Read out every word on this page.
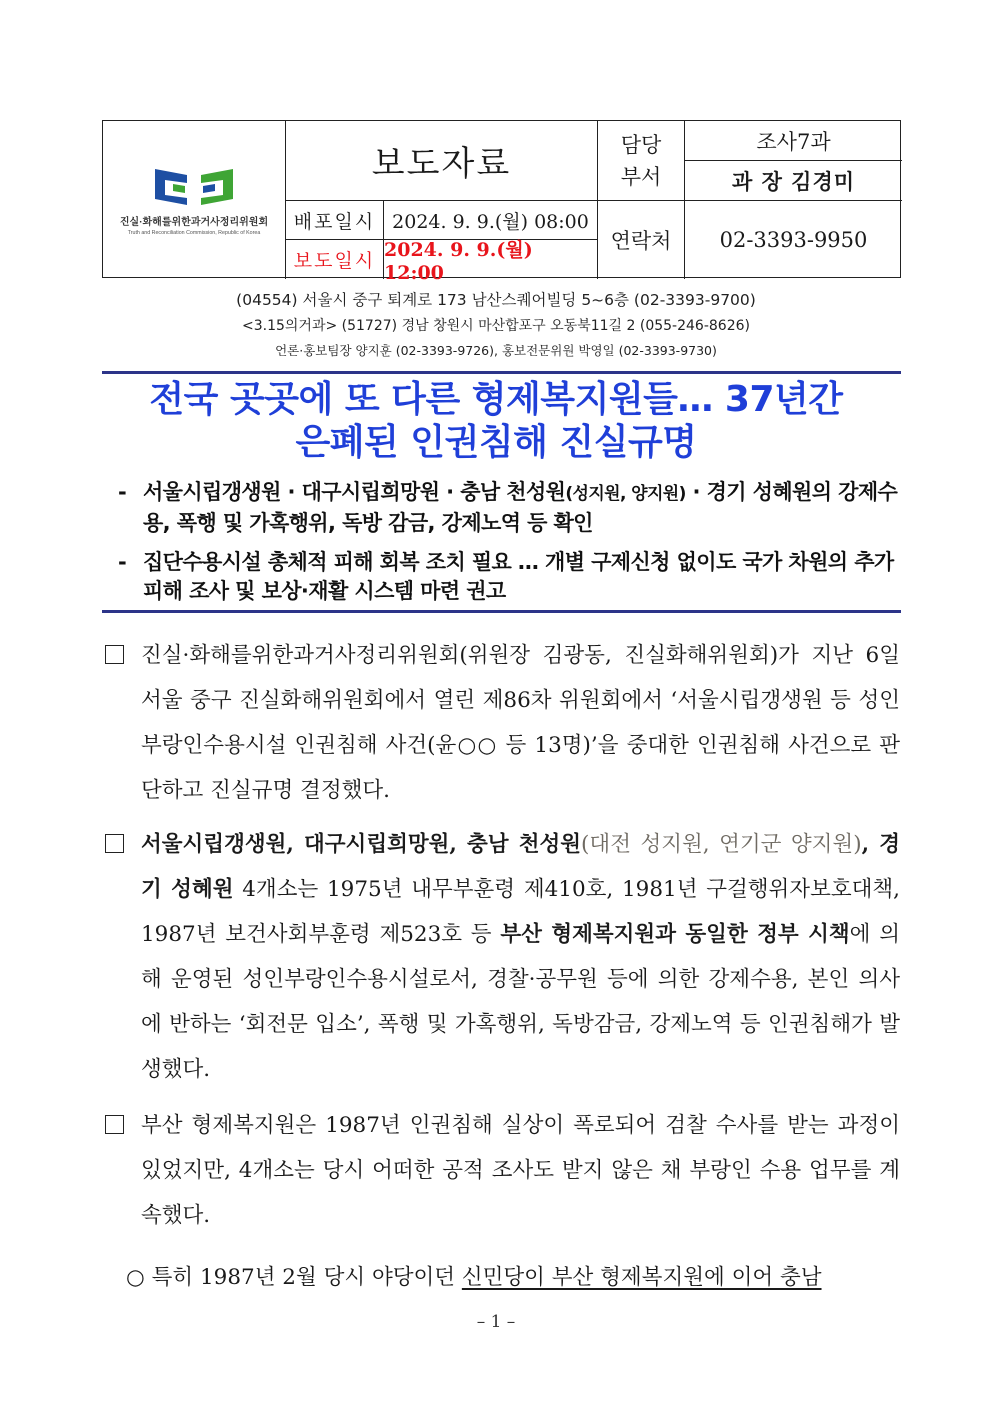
진실·화해를위한과거사정리위원회
Truth and Reconciliation Commission, Republic of Korea
보도자료	담당
부서
조사7과
과 장 김경미
배포일시 2024. 9. 9.(월) 08:00
보도일시 2024. 9. 9.(월) 12:00
연락처	02-3393-9950
(04554) 서울시 중구 퇴계로 173 남산스퀘어빌딩 5~6층 (02-3393-9700)
<3.15의거과> (51727) 경남 창원시 마산합포구 오동북11길 2 (055-246-8626)
언론·홍보팀장 양지훈 (02-3393-9726), 홍보전문위원 박영일 (02-3393-9730)
전국 곳곳에 또 다른 형제복지원들… 37년간
은폐된 인권침해 진실규명
- 서울시립갱생원 · 대구시립희망원 · 충남 천성원(성지원, 양지원) · 경기 성혜원의 강제수용, 폭행 및 가혹행위, 독방 감금, 강제노역 등 확인
- 집단수용시설 총체적 피해 회복 조치 필요 … 개별 구제신청 없이도 국가 차원의 추가 피해 조사 및 보상·재활 시스템 마련 권고
진실·화해를위한과거사정리위원회(위원장 김광동, 진실화해위원회)가 지난 6일 서울 중구 진실화해위원회에서 열린 제86차 위원회에서 ‘서울시립갱생원 등 성인부랑인수용시설 인권침해 사건(윤○○ 등 13명)’을 중대한 인권침해 사건으로 판단하고 진실규명 결정했다.
서울시립갱생원, 대구시립희망원, 충남 천성원(대전 성지원, 연기군 양지원), 경기 성혜원 4개소는 1975년 내무부훈령 제410호, 1981년 구걸행위자보호대책, 1987년 보건사회부훈령 제523호 등 부산 형제복지원과 동일한 정부 시책에 의해 운영된 성인부랑인수용시설로서, 경찰·공무원 등에 의한 강제수용, 본인 의사에 반하는 ‘회전문 입소’, 폭행 및 가혹행위, 독방감금, 강제노역 등 인권침해가 발생했다.
부산 형제복지원은 1987년 인권침해 실상이 폭로되어 검찰 수사를 받는 과정이 있었지만, 4개소는 당시 어떠한 공적 조사도 받지 않은 채 부랑인 수용 업무를 계속했다.
○ 특히 1987년 2월 당시 야당이던 신민당이 부산 형제복지원에 이어 충남
– 1 –
